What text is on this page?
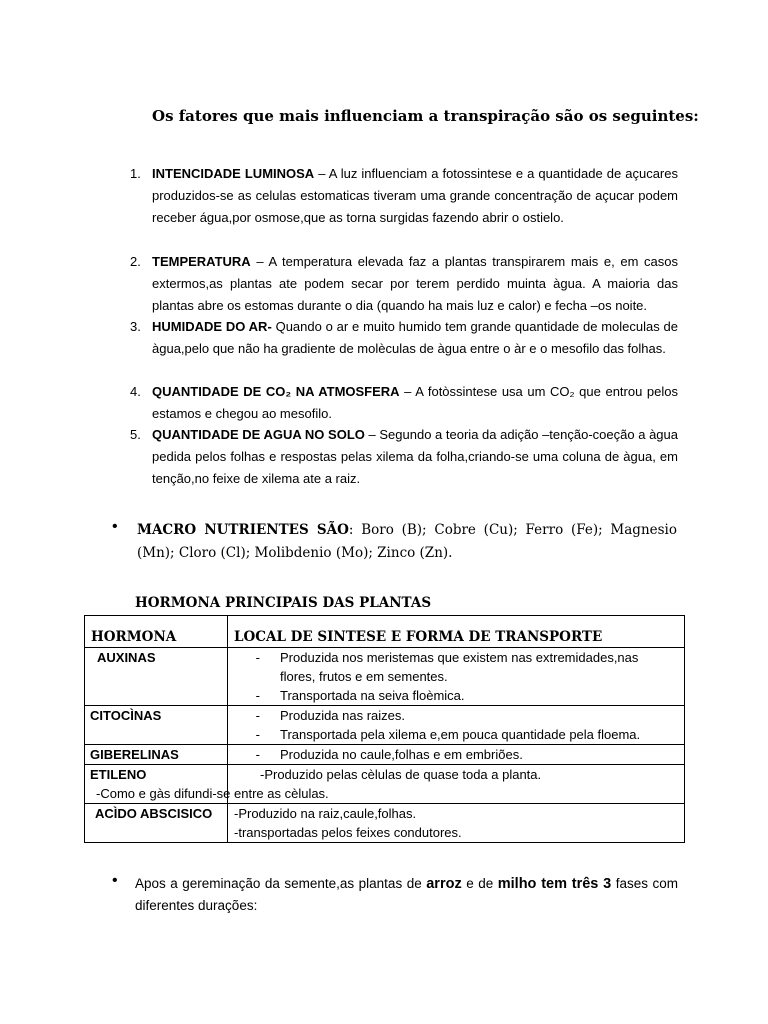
Os fatores que mais influenciam a transpiração são os seguintes:
1. INTENCIDADE LUMINOSA – A luz influenciam a fotossintese e a quantidade de açucares produzidos-se as celulas estomaticas tiveram uma grande concentração de açucar podem receber água,por osmose,que as torna surgidas fazendo abrir o ostielo.
2. TEMPERATURA – A temperatura elevada faz a plantas transpirarem mais e, em casos extermos,as plantas ate podem secar por terem perdido muinta àgua. A maioria das plantas abre os estomas durante o dia (quando ha mais luz e calor) e fecha –os noite.
3. HUMIDADE DO AR- Quando o ar e muito humido tem grande quantidade de moleculas de àgua,pelo que não ha gradiente de molèculas de àgua entre o àr e o mesofilo das folhas.
4. QUANTIDADE DE CO₂ NA ATMOSFERA – A fotòssintese usa um CO₂ que entrou pelos estamos e chegou ao mesofilo.
5. QUANTIDADE DE AGUA NO SOLO – Segundo a teoria da adição –tenção-coeção a àgua pedida pelos folhas e respostas pelas xilema da folha,criando-se uma coluna de àgua, em tenção,no feixe de xilema ate a raiz.
• MACRO NUTRIENTES SÃO: Boro (B); Cobre (Cu); Ferro (Fe); Magnesio (Mn); Cloro (Cl); Molibdenio (Mo); Zinco (Zn).
HORMONA PRINCIPAIS DAS PLANTAS
HORMONA	LOCAL DE SINTESE E FORMA DE TRANSPORTE
AUXINAS	- Produzida nos meristemas que existem nas extremidades,nas
flores, frutos e em sementes.
- Transportada na seiva floèmica.

CITOCÌNAS	- Produzida nas raizes.
- Transportada pela xilema e,em pouca quantidade pela floema.

GIBERELINAS	- Produzida no caule,folhas e em embriões.

ETILENO	-Produzido pelas cèlulas de quase toda a planta.
-Como e gàs difundi-se entre as cèlulas.

ACÌDO ABSCISICO	-Produzido na raiz,caule,folhas.
-transportadas pelos feixes condutores.
• Apos a gereminação da semente,as plantas de arroz e de milho tem três 3 fases com diferentes durações:
